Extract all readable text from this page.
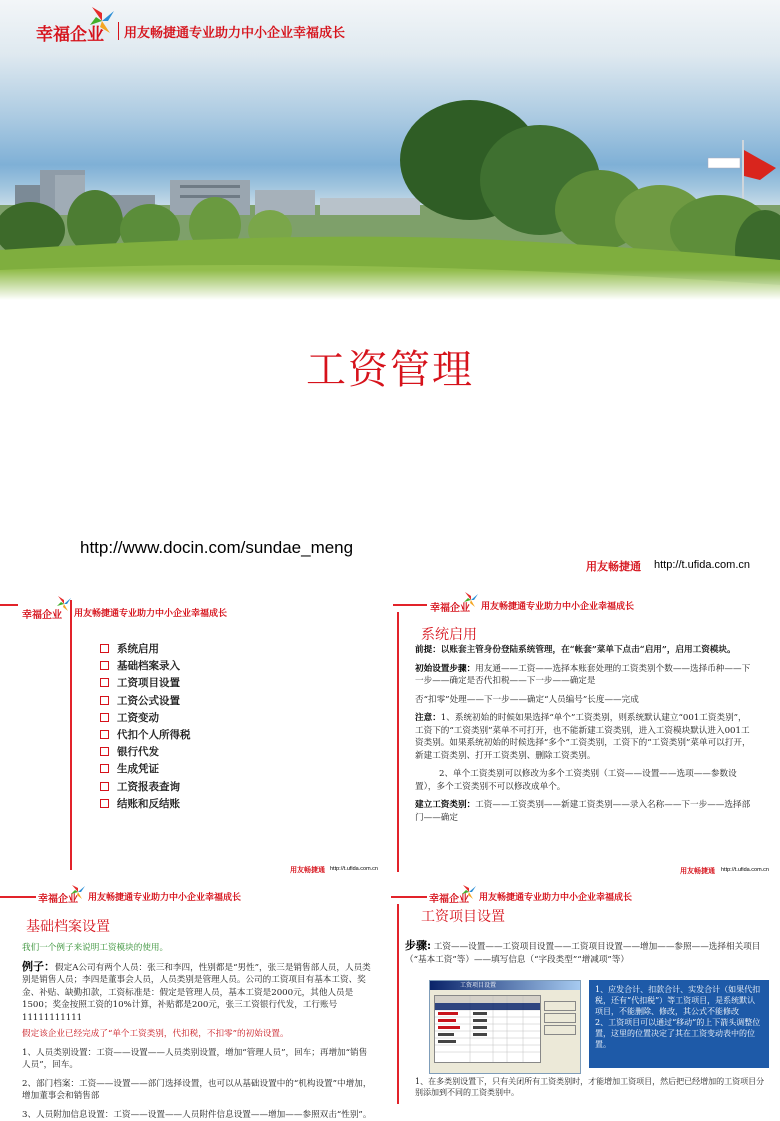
幸福企业 用友畅捷通专业助力中小企业幸福成长
工资管理
http://www.docin.com/sundae_meng
用友畅捷通 http://t.ufida.com.cn
幸福企业 用友畅捷通专业助力中小企业幸福成长
系统启用
基础档案录入
工资项目设置
工资公式设置
工资变动
代扣个人所得税
银行代发
生成凭证
工资报表查询
结账和反结账
用友畅捷通 http://t.ufida.com.cn
幸福企业 用友畅捷通专业助力中小企业幸福成长
系统启用
前提：以账套主管身份登陆系统管理，在“帐套”菜单下点击“启用”，启用工资模块。
初始设置步骤：用友通——工资——选择本账套处理的工资类别个数——选择币种——下一步——确定是否代扣税——下一步——确定是
否“扣零”处理——下一步——确定“人员编号”长度——完成
注意：1、系统初始的时候如果选择“单个”工资类别，则系统默认建立“001工资类别”，工资下的“工资类别”菜单不可打开，也不能新建工资类别，进入工资模块默认进入001工资类别。如果系统初始的时候选择“多个”工资类别，工资下的“工资类别”菜单可以打开，新建工资类别、打开工资类别、删除工资类别。
2、单个工资类别可以修改为多个工资类别（工资——设置——选项——参数设置），多个工资类别不可以修改成单个。
建立工资类别：工资——工资类别——新建工资类别——录入名称——下一步——选择部门——确定
用友畅捷通 http://t.ufida.com.cn
幸福企业 用友畅捷通专业助力中小企业幸福成长
基础档案设置
我们一个例子来说明工资模块的使用。
例子：假定A公司有两个人员：张三和李四，性别都是“男性”，张三是销售部人员，人员类别是销售人员；李四是董事会人员，人员类别是管理人员。公司的工资项目有基本工资、奖金、补贴、缺勤扣款，工资标准是：假定是管理人员，基本工资是2000元，其他人员是1500；奖金按照工资的10%计算，补贴都是200元，张三工资银行代发，工行账号11111111111
假定该企业已经完成了“单个工资类别，代扣税，不扣零”的初始设置。
1、人员类别设置：工资——设置——人员类别设置，增加“管理人员”，回车；再增加“销售人员”，回车。
2、部门档案：工资——设置——部门选择设置，也可以从基础设置中的“机构设置”中增加，增加董事会和销售部
3、人员附加信息设置：工资——设置——人员附件信息设置——增加——参照双击“性别”。
幸福企业 用友畅捷通专业助力中小企业幸福成长
工资项目设置
步骤: 工资——设置——工资项目设置——工资项目设置——增加——参照——选择相关项目（“基本工资”等）——填写信息（“字段类型”“增减项”等）
工资项目设置	1、应发合计、扣款合计、实发合计（如果代扣税，还有“代扣税”）等工资项目，是系统默认项目，不能删除、修改，其公式不能修改
2、工资项目可以通过“移动”的上下箭头调整位置，这里的位置决定了其在工资变动表中的位置。
1、在多类别设置下，只有关闭所有工资类别时，才能增加工资项目，然后把已经增加的工资项目分别添加到不同的工资类别中。
